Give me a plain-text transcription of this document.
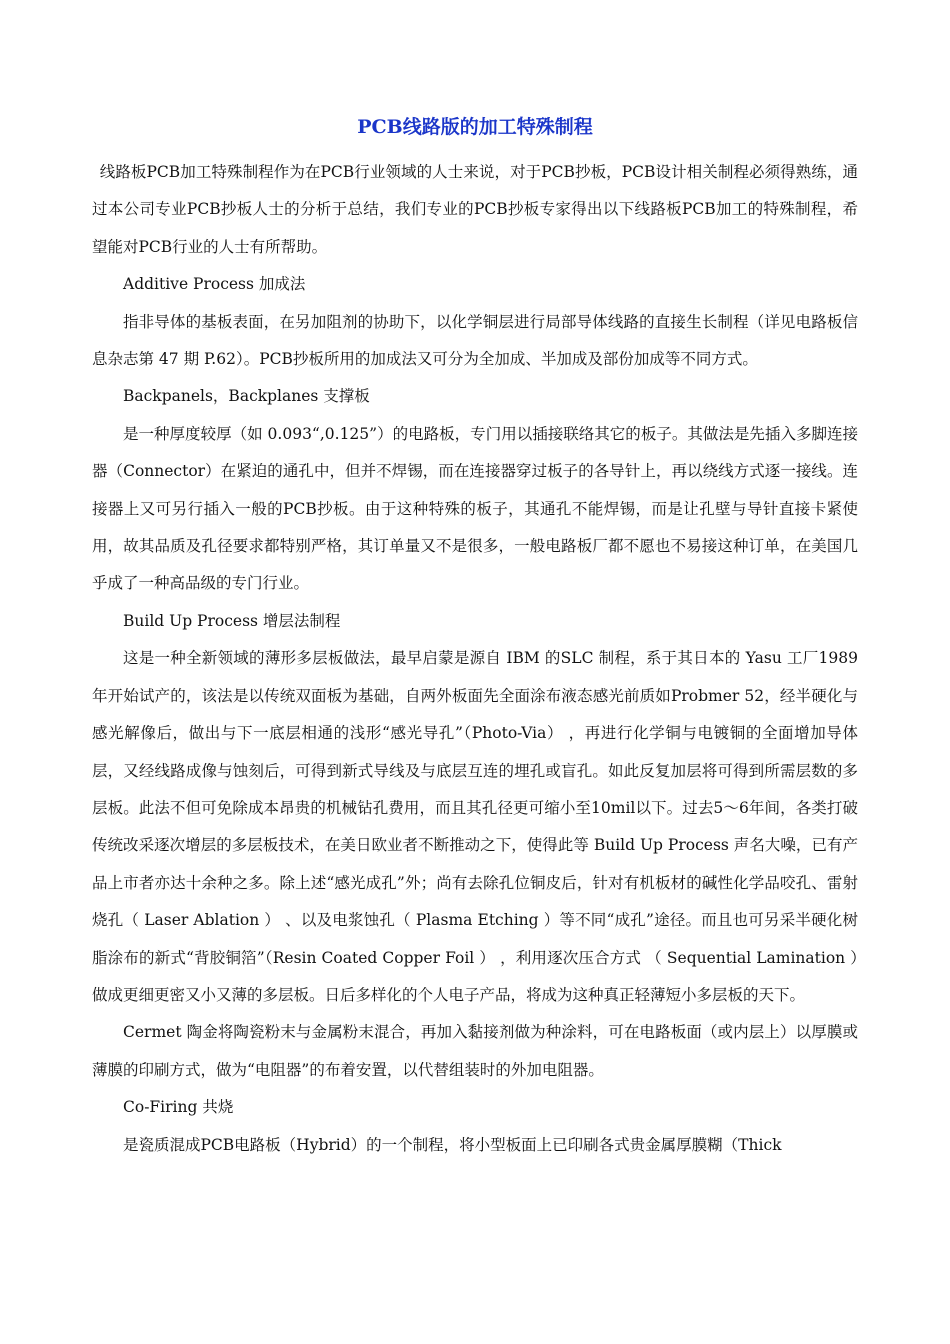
PCB线路版的加工特殊制程

线路板PCB加工特殊制程作为在PCB行业领域的人士来说，对于PCB抄板，PCB设计相关制程必须得熟练，通过本公司专业PCB抄板人士的分析于总结，我们专业的PCB抄板专家得出以下线路板PCB加工的特殊制程，希望能对PCB行业的人士有所帮助。

Additive Process 加成法

指非导体的基板表面，在另加阻剂的协助下，以化学铜层进行局部导体线路的直接生长制程（详见电路板信息杂志第 47 期 P.62）。PCB抄板所用的加成法又可分为全加成、半加成及部份加成等不同方式。

Backpanels，Backplanes 支撑板

是一种厚度较厚（如 0.093“,0.125”）的电路板，专门用以插接联络其它的板子。其做法是先插入多脚连接器（Connector）在紧迫的通孔中，但并不焊锡，而在连接器穿过板子的各导针上，再以绕线方式逐一接线。连接器上又可另行插入一般的PCB抄板。由于这种特殊的板子，其通孔不能焊锡，而是让孔壁与导针直接卡紧使用，故其品质及孔径要求都特别严格，其订单量又不是很多，一般电路板厂都不愿也不易接这种订单，在美国几乎成了一种高品级的专门行业。

Build Up Process 增层法制程

这是一种全新领域的薄形多层板做法，最早启蒙是源自 IBM 的SLC 制程，系于其日本的 Yasu 工厂1989 年开始试产的，该法是以传统双面板为基础，自两外板面先全面涂布液态感光前质如Probmer 52，经半硬化与感光解像后，做出与下一底层相通的浅形“感光导孔”（Photo-Via） ，再进行化学铜与电镀铜的全面增加导体层，又经线路成像与蚀刻后，可得到新式导线及与底层互连的埋孔或盲孔。如此反复加层将可得到所需层数的多层板。此法不但可免除成本昂贵的机械钻孔费用，而且其孔径更可缩小至10mil以下。过去5～6年间，各类打破传统改采逐次增层的多层板技术，在美日欧业者不断推动之下，使得此等 Build Up Process 声名大噪，已有产品上市者亦达十余种之多。除上述“感光成孔”外；尚有去除孔位铜皮后，针对有机板材的碱性化学品咬孔、雷射烧孔（ Laser Ablation ） 、以及电浆蚀孔（ Plasma Etching ）等不同“成孔”途径。而且也可另采半硬化树脂涂布的新式“背胶铜箔”（Resin Coated Copper Foil ） ，利用逐次压合方式 （ Sequential Lamination ）做成更细更密又小又薄的多层板。日后多样化的个人电子产品，将成为这种真正轻薄短小多层板的天下。

Cermet 陶金将陶瓷粉末与金属粉末混合，再加入黏接剂做为种涂料，可在电路板面（或内层上）以厚膜或薄膜的印刷方式，做为“电阻器”的布着安置，以代替组装时的外加电阻器。

Co-Firing 共烧

是瓷质混成PCB电路板（Hybrid）的一个制程，将小型板面上已印刷各式贵金属厚膜糊（Thick
